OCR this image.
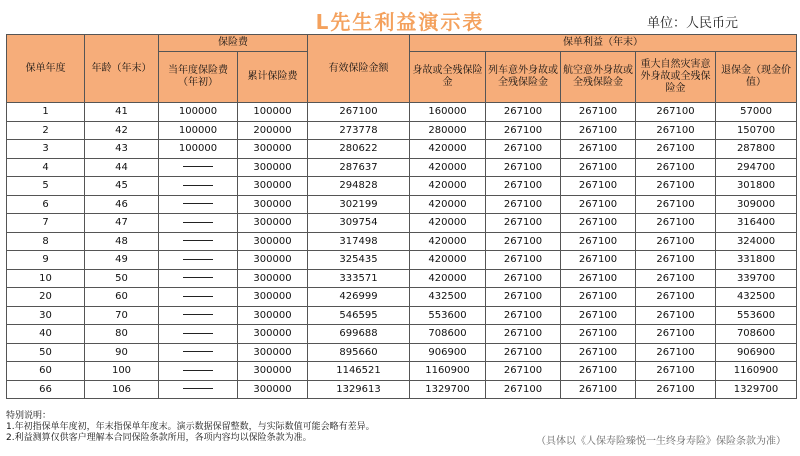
L先生利益演示表	单位：人民币元
保单年度	年龄（年末）	保险费		有效保险金额	保单利益（年末）				
		当年度保险费（年初）	累计保险费		身故或全残保险金	列车意外身故或全残保险金	航空意外身故或全残保险金	重大自然灾害意外身故或全残保险金	退保金（现金价值）
1	41	100000	100000	267100	160000	267100	267100	267100	57000
2	42	100000	200000	273778	280000	267100	267100	267100	150700
3	43	100000	300000	280622	420000	267100	267100	267100	287800
4	44		300000	287637	420000	267100	267100	267100	294700
5	45		300000	294828	420000	267100	267100	267100	301800
6	46		300000	302199	420000	267100	267100	267100	309000
7	47		300000	309754	420000	267100	267100	267100	316400
8	48		300000	317498	420000	267100	267100	267100	324000
9	49		300000	325435	420000	267100	267100	267100	331800
10	50		300000	333571	420000	267100	267100	267100	339700
20	60		300000	426999	432500	267100	267100	267100	432500
30	70		300000	546595	553600	267100	267100	267100	553600
40	80		300000	699688	708600	267100	267100	267100	708600
50	90		300000	895660	906900	267100	267100	267100	906900
60	100		300000	1146521	1160900	267100	267100	267100	1160900
66	106		300000	1329613	1329700	267100	267100	267100	1329700
特别说明：
1.年初指保单年度初，年末指保单年度末。演示数据保留整数，与实际数值可能会略有差异。
2.利益测算仅供客户理解本合同保险条款所用，各项内容均以保险条款为准。	（具体以《人保寿险臻悦一生终身寿险》保险条款为准）
